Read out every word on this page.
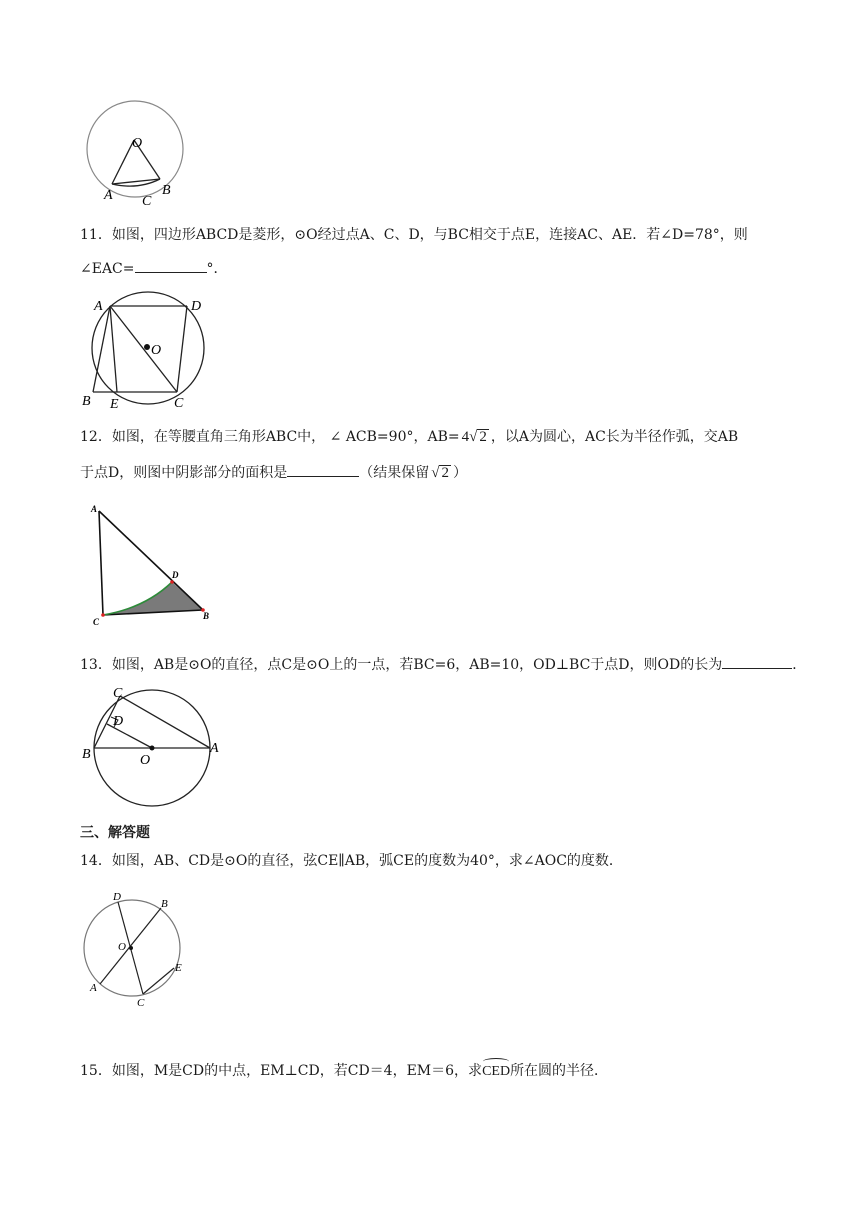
O
A	B
C
11．如图，四边形ABCD是菱形，⊙O经过点A、C、D，与BC相交于点E，连接AC、AE．若∠D=78°，则
∠EAC=	°．
A	D
O
B E	C
12．如图，在等腰直角三角形ABC中， ∠ ACB=90°，AB= 4√ 2 ，以A为圆心，AC长为半径作弧，交AB
于点D，则图中阴影部分的面积是	（结果保留 √ 2 ）
A
D
C
B
13．如图，AB是⊙O的直径，点C是⊙O上的一点，若BC=6，AB=10，OD⊥BC于点D，则OD的长为	．
C
D
B	O
A
三、解答题
14．如图，AB、CD是⊙O的直径，弦CE∥AB，弧CE的度数为40°，求∠AOC的度数．
D
B
O
E
A
C
15．如图，M是CD的中点，EM⊥CD，若CD＝4，EM＝6，求CED所在圆的半径．
